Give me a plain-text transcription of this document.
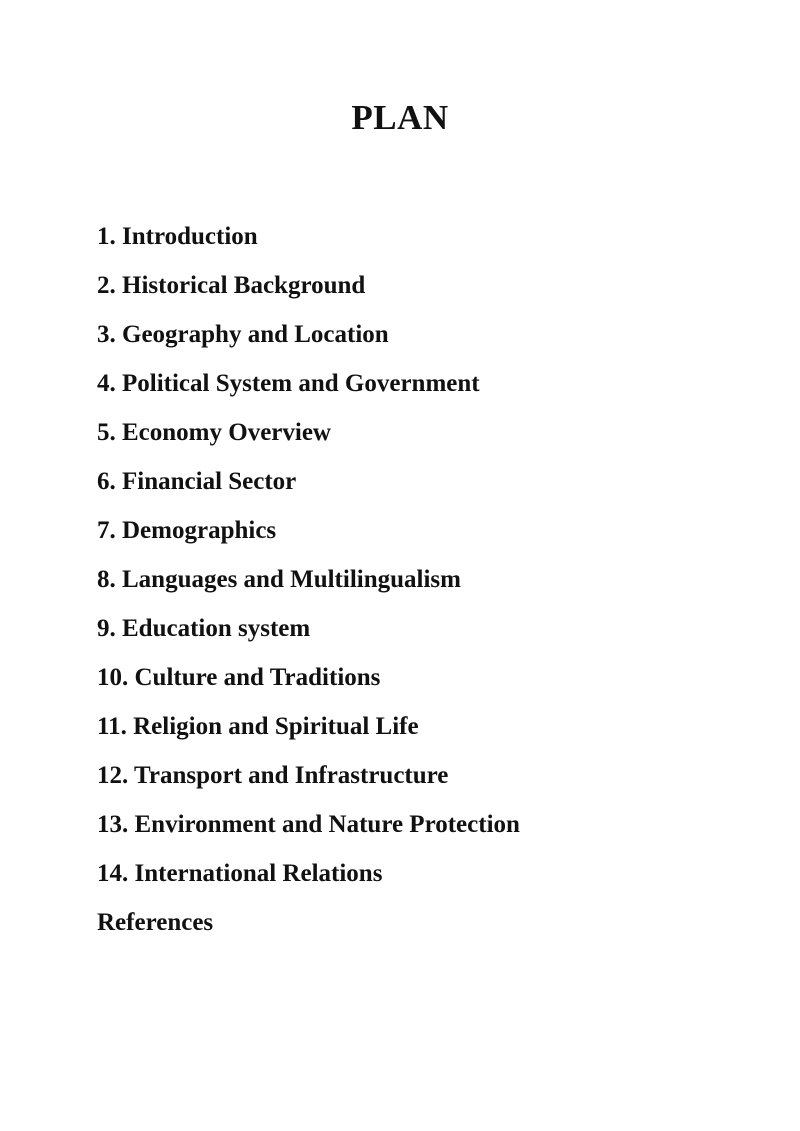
PLAN
1. Introduction
2. Historical Background
3. Geography and Location
4. Political System and Government
5. Economy Overview
6. Financial Sector
7. Demographics
8. Languages and Multilingualism
9. Education system
10. Culture and Traditions
11. Religion and Spiritual Life
12. Transport and Infrastructure
13. Environment and Nature Protection
14. International Relations
References
